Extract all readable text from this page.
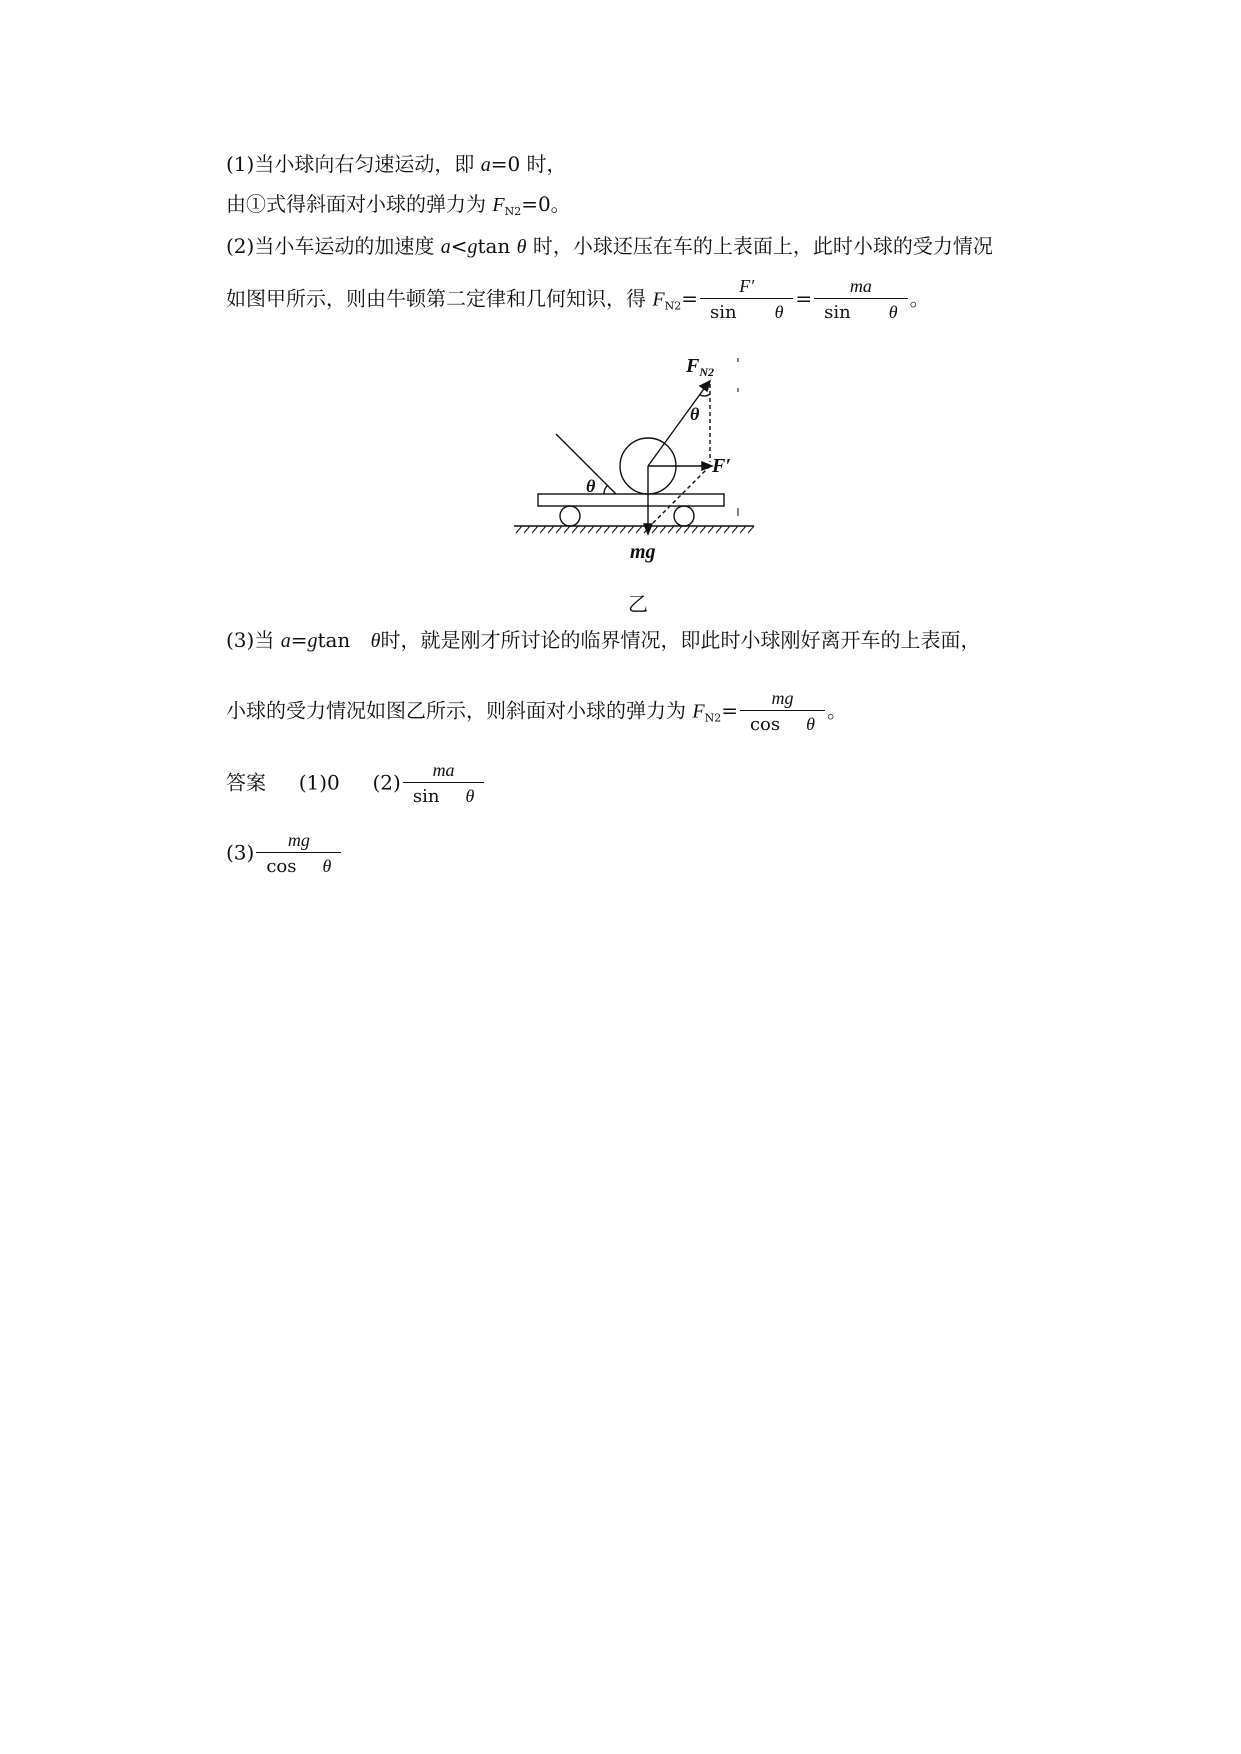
(1)当小球向右匀速运动，即 a=0 时，
由①式得斜面对小球的弹力为 $F_{N2}=0$。
(2)当小车运动的加速度 a<gtan θ 时，小球还压在车的上表面上，此时小球的受力情况
如图甲所示，则由牛顿第二定律和几何知识，得 $F_{N2}= \frac{F'}{\text{sin θ}} = \frac{ma}{\text{sin θ}}$ 。
$F_{N2}$
θ
θ
F′
mg
乙
(3)当 a=gtan θ时，就是刚才所讨论的临界情况，即此时小球刚好离开车的上表面，
小球的受力情况如图乙所示，则斜面对小球的弹力为 $F_{N2}= \frac{mg}{\text{cos θ}}$ 。
答案 (1)0 $(2) \frac{ma}{\text{sin θ}}$
$(3) \frac{mg}{\text{cos θ}}$
